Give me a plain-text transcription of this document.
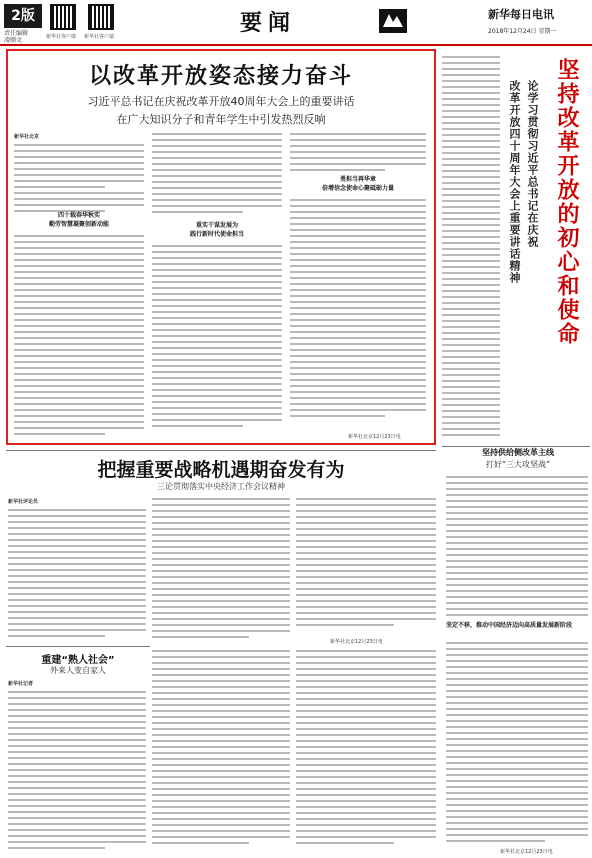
2版
责任编辑
凌顺文	新华社客户端 新华社客户端
要闻	新华每日电讯
2018年12月24日 星期一
以改革开放姿态接力奋斗
习近平总书记在庆祝改革开放40周年大会上的重要讲话
在广大知识分子和青年学生中引发热烈反响
新华社北京
四十载春华秋实
勤劳智慧凝聚创新动能	重实干谋发展为
践行新时代使命担当
勇担当再华章
倍增信念使命心聚砥砺力量
新华社北京12月23日电
坚持改革开放的初心和使命
论学习贯彻习近平总书记在庆祝
改革开放四十周年大会上重要讲话精神
把握重要战略机遇期奋发有为
三论贯彻落实中央经济工作会议精神
新华社评论员
新华社北京12月23日电
重建“熟人社会”
外来人变自家人
新华社记者
坚持供给侧改革主线
打好“三大攻坚战”
坚定不移，推动中国经济迈向高质量发展新阶段
新华社北京12月23日电
